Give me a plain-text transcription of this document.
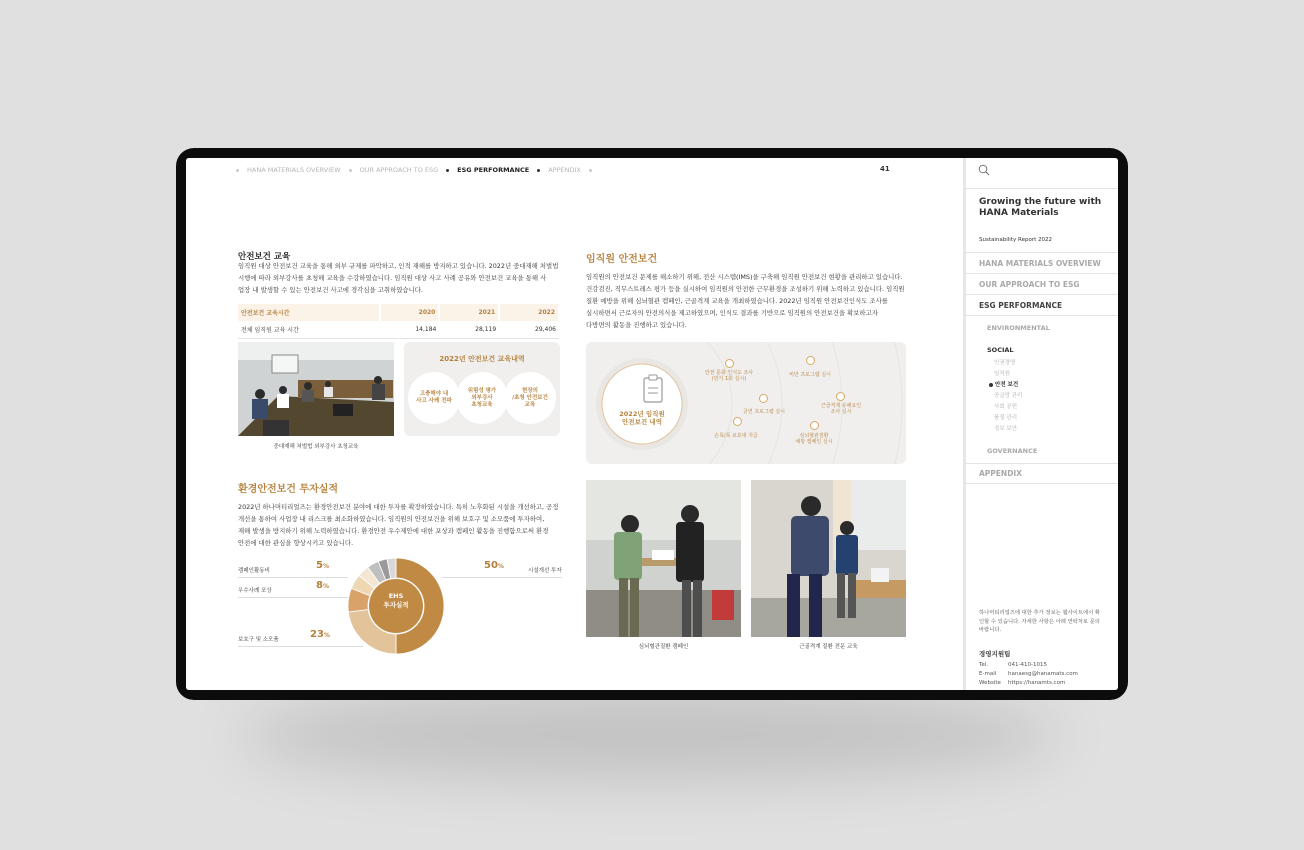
HANA MATERIALS OVERVIEW	OUR APPROACH TO ESG	ESG PERFORMANCE	APPENDIX	41
안전보건 교육
임직원 대상 안전보건 교육을 통해 외부 규제를 파악하고, 인적 재해를 방지하고 있습니다. 2022년 중대재해 처벌법
시행에 따라 외부강사를 초청해 교육을 수강하였습니다. 임직원 대상 사고 사례 공유와 안전보건 교육을 통해 사
업장 내 발생할 수 있는 안전보건 사고에 경각심을 고취하였습니다.
안전보건 교육시간	2020	2021	2022
전체 임직원 교육 시간	14,184	28,119	29,406
중대재해 처벌법 외부강사 초청교육
2022년 안전보건 교육내역
고충해야 내
사고 사례 전파
위험성 평가
외부강사
초청교육
현장의
/초청 안전보건
교육
환경안전보건 투자실적
2022년 하나머티리얼즈는 환경안전보건 분야에 대한 투자를 확장하였습니다. 특히 노후화된 시설을 개선하고, 공정
개선을 통하여 사업장 내 리스크를 최소화하였습니다. 임직원의 안전보건을 위해 보호구 및 소모품에 투자하여,
재해 발생을 방지하기 위해 노력하였습니다. 환경안전 우수제안에 대한 포상과 캠페인 활동을 진행함으로써 환경
안전에 대한 관심을 향상시키고 있습니다.
캠페인활동비	5%
우수사례 포상	8%
보호구 및 소모품	23%
50%
시설개선 투자
EHS
투자실적
임직원 안전보건
임직원의 안전보건 문제를 해소하기 위해, 전산 시스템(IMS)을 구축해 임직원 안전보건 현황을 관리하고 있습니다.
건강검진, 직무스트레스 평가 등을 실시하여 임직원의 안전한 근무환경을 조성하기 위해 노력하고 있습니다. 임직원
질환 예방을 위해 심뇌혈관 캠페인, 근골격계 교육을 개최하였습니다. 2022년 임직원 안전보건인식도 조사를
실시하면서 근로자의 안전의식을 제고하였으며, 인식도 결과를 기반으로 임직원의 안전보건을 확보하고자
다방면의 활동을 진행하고 있습니다.
2022년 임직원
안전보건 내역
안전 문화 인식도 조사
(반기 1회 실시)
비만 프로그램 실시
금연 프로그램 실시
근골격계 유해요인
조사 실시
손목/목 보호대 지급	심뇌혈관질환
예방 캠페인 실시
심뇌혈관질환 캠페인	근골격계 질환 전문 교육
Growing the future with HANA Materials
Sustainability Report 2022
HANA MATERIALS OVERVIEW
OUR APPROACH TO ESG
ESG PERFORMANCE
ENVIRONMENTAL
SOCIAL
인권경영
임직원
안전 보건
공급망 관리
사회 공헌
품질 관리
정보 보안
GOVERNANCE
APPENDIX
하나머티리얼즈에 대한 추가 정보는 웹사이트에서 확인할 수 있습니다. 자세한 사항은 아래 연락처로 문의바랍니다.
경영지원팀
Tel.	041-410-1015
E-mail hanaesg@hanamats.com
Website https://hanamts.com
